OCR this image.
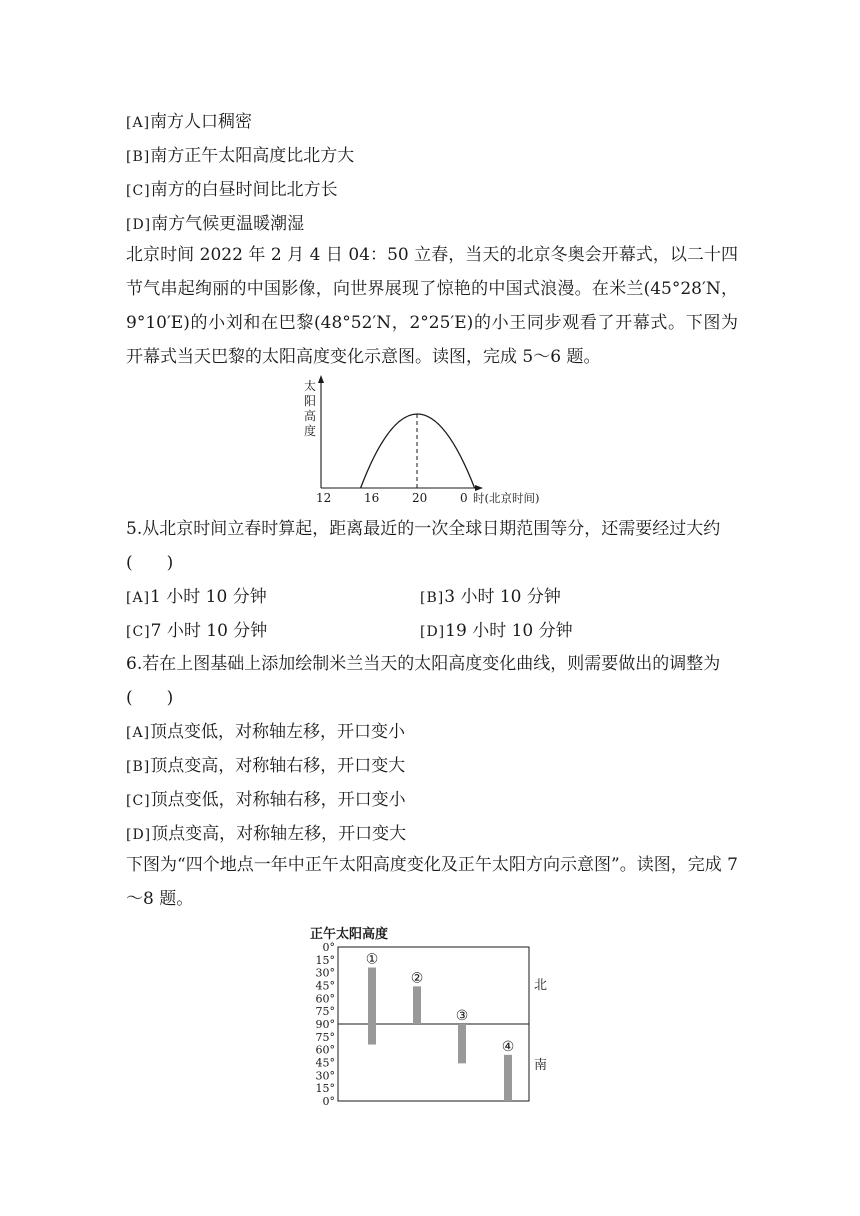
[A]南方人口稠密
[B]南方正午太阳高度比北方大
[C]南方的白昼时间比北方长
[D]南方气候更温暖潮湿
北京时间 2022 年 2 月 4 日 04：50 立春，当天的北京冬奥会开幕式，以二十四节气串起绚丽的中国影像，向世界展现了惊艳的中国式浪漫。在米兰(45°28′N，9°10′E)的小刘和在巴黎(48°52′N，2°25′E)的小王同步观看了开幕式。下图为开幕式当天巴黎的太阳高度变化示意图。读图，完成 5～6 题。
太
阳
高
度
12	16	20	0 时(北京时间)
5.从北京时间立春时算起，距离最近的一次全球日期范围等分，还需要经过大约
(　　)
[A]1 小时 10 分钟	[B]3 小时 10 分钟
[C]7 小时 10 分钟	[D]19 小时 10 分钟
6.若在上图基础上添加绘制米兰当天的太阳高度变化曲线，则需要做出的调整为
(　　)
[A]顶点变低，对称轴左移，开口变小
[B]顶点变高，对称轴右移，开口变大
[C]顶点变低，对称轴右移，开口变小
[D]顶点变高，对称轴左移，开口变大
下图为“四个地点一年中正午太阳高度变化及正午太阳方向示意图”。读图，完成 7～8 题。
正午太阳高度
0°
15°
30°
45°
60°
75°
90°
75°
60°
45°
30°
15°
0°
①
②
③
④
北
南
